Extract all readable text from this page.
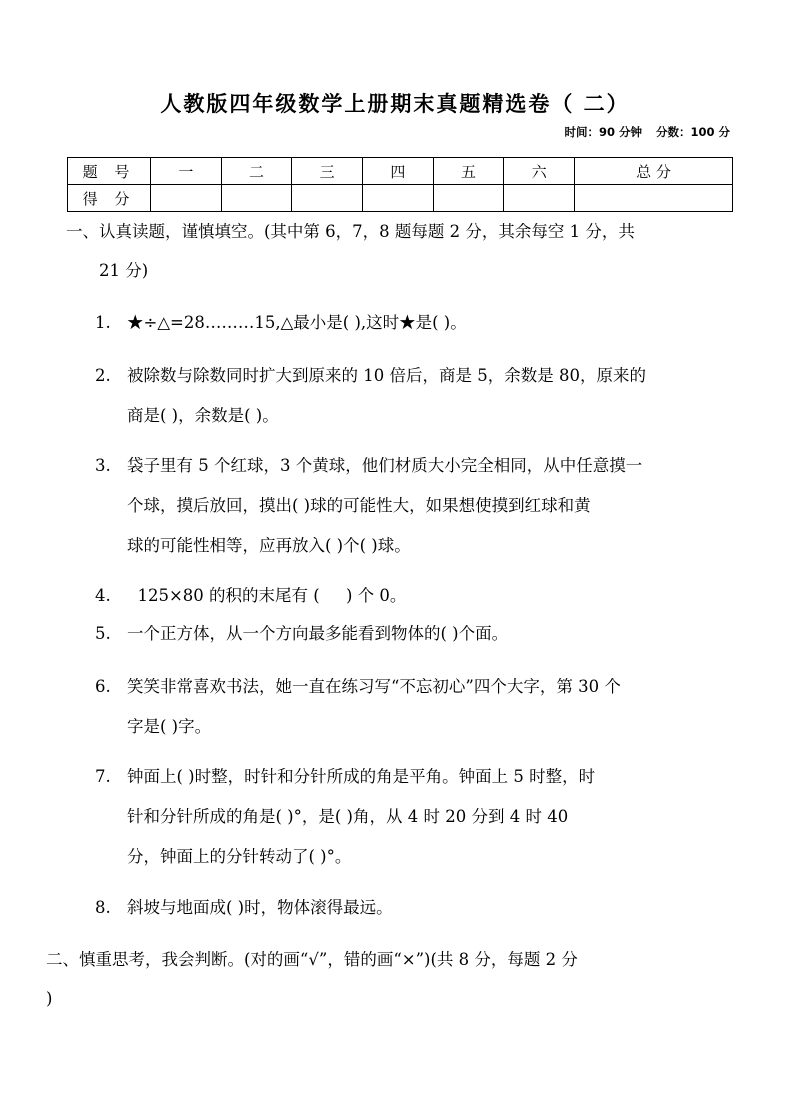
人教版四年级数学上册期末真题精选卷（ 二）
时间：90 分钟 分数：100 分
题 号	一	二	三	四	五	六	总 分
得 分							
一、认真读题，谨慎填空。(其中第 6，7，8 题每题 2 分，其余每空 1 分，共
21 分)
1. ★÷△=28………15,△最小是( ),这时★是( )。
2. 被除数与除数同时扩大到原来的 10 倍后，商是 5，余数是 80，原来的
商是( )，余数是( )。
3. 袋子里有 5 个红球，3 个黄球，他们材质大小完全相同，从中任意摸一
个球，摸后放回，摸出( )球的可能性大，如果想使摸到红球和黄
球的可能性相等，应再放入( )个( )球。
4.  125×80 的积的末尾有 (     ) 个 0。
5. 一个正方体，从一个方向最多能看到物体的( )个面。
6. 笑笑非常喜欢书法，她一直在练习写“不忘初心”四个大字，第 30 个
字是( )字。
7. 钟面上( )时整，时针和分针所成的角是平角。钟面上 5 时整，时
针和分针所成的角是( )°，是( )角，从 4 时 20 分到 4 时 40
分，钟面上的分针转动了( )°。
8. 斜坡与地面成( )时，物体滚得最远。
二、慎重思考，我会判断。(对的画“√”，错的画“×”)(共 8 分，每题 2 分
)
